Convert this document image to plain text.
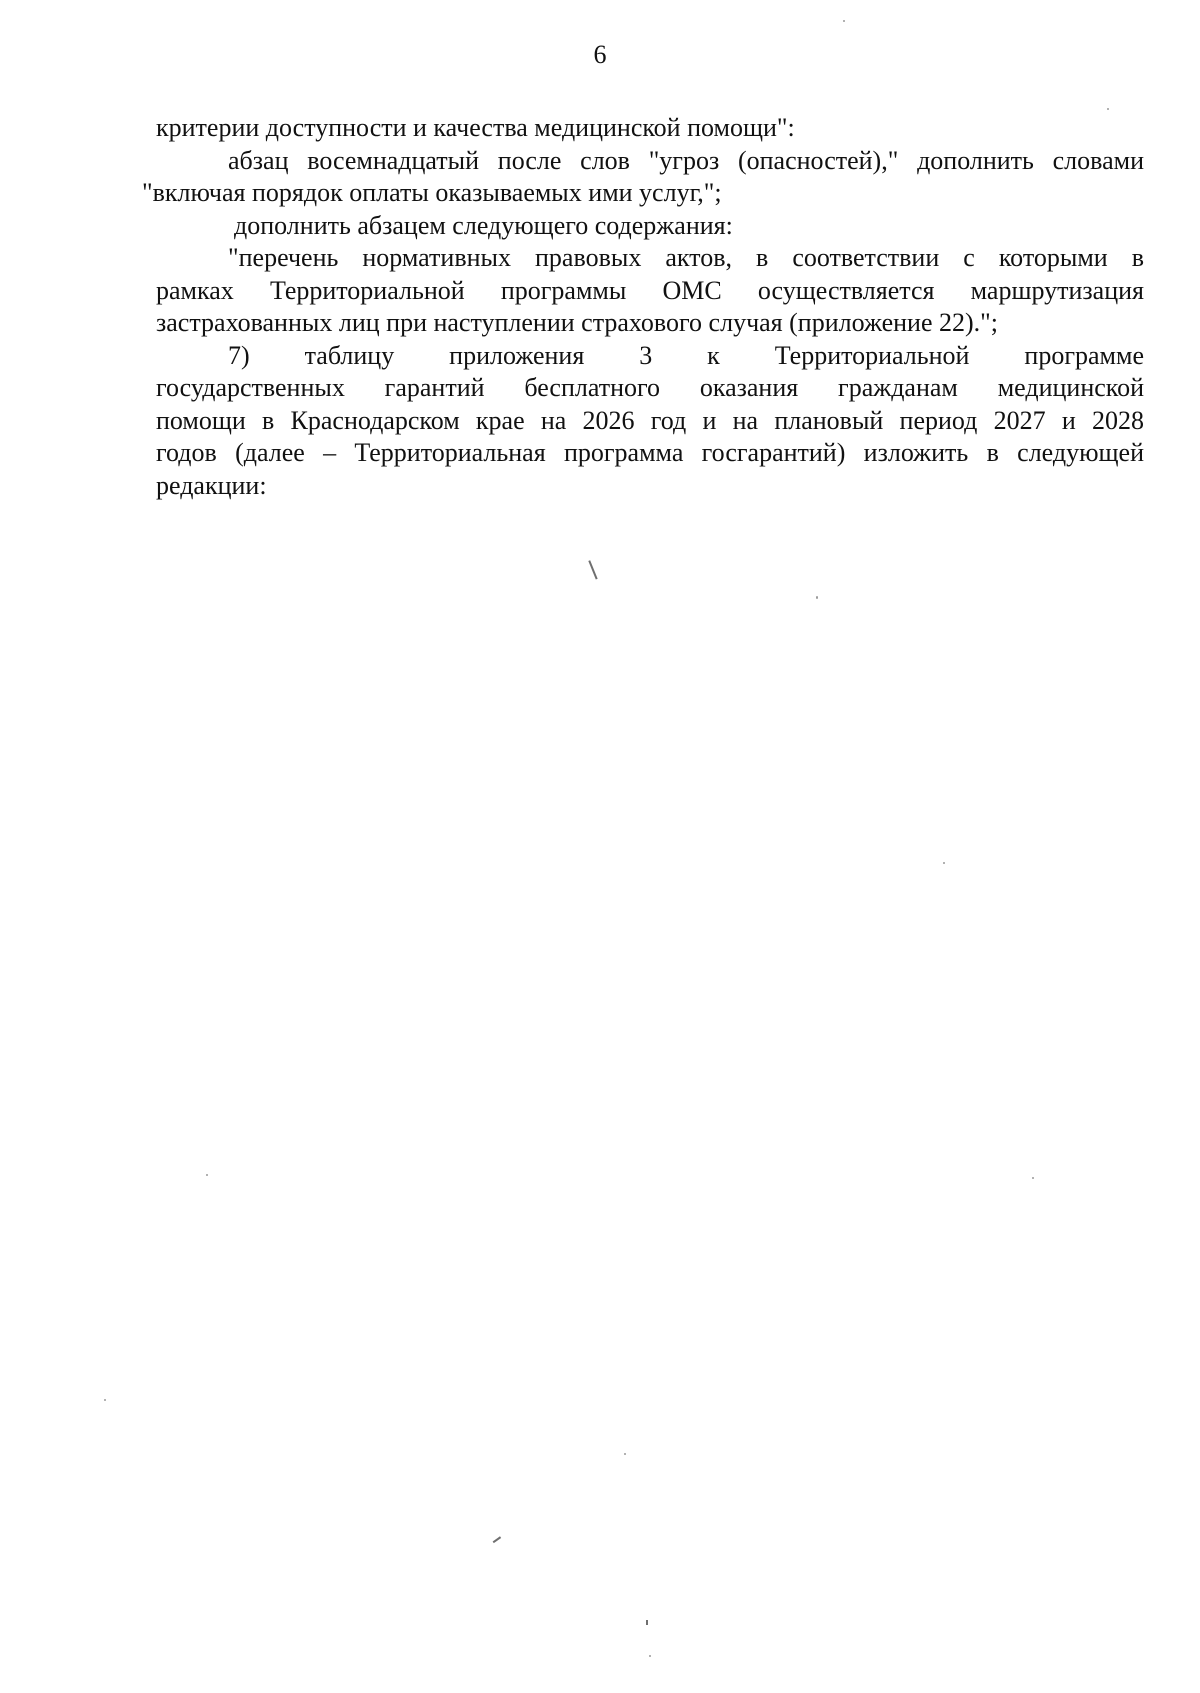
6
критерии доступности и качества медицинской помощи":
абзац восемнадцатый после слов "угроз (опасностей)," дополнить словами
"включая порядок оплаты оказываемых ими услуг,";
дополнить абзацем следующего содержания:
"перечень нормативных правовых актов, в соответствии с которыми в
рамках Территориальной программы ОМС осуществляется маршрутизация
застрахованных лиц при наступлении страхового случая (приложение 22).";
7) таблицу приложения 3 к Территориальной программе
государственных гарантий бесплатного оказания гражданам медицинской
помощи в Краснодарском крае на 2026 год и на плановый период 2027 и 2028
годов (далее – Территориальная программа госгарантий) изложить в следующей
редакции:
